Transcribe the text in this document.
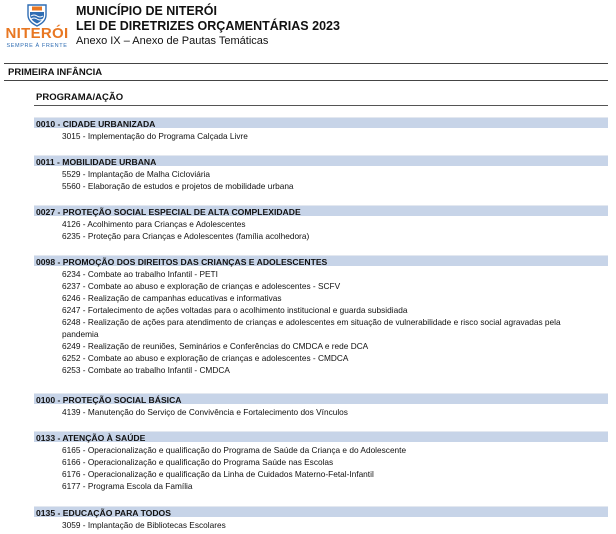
NITERÓI
SEMPRE À FRENTE
MUNICÍPIO DE NITERÓI
LEI DE DIRETRIZES ORÇAMENTÁRIAS 2023
Anexo IX – Anexo de Pautas Temáticas
PRIMEIRA INFÂNCIA
PROGRAMA/AÇÃO
0010 - CIDADE URBANIZADA
3015 - Implementação do Programa Calçada Livre
0011 - MOBILIDADE URBANA
5529 - Implantação de Malha Cicloviária
5560 - Elaboração de estudos e projetos de mobilidade urbana
0027 - PROTEÇÃO SOCIAL ESPECIAL DE ALTA COMPLEXIDADE
4126 - Acolhimento para Crianças e Adolescentes
6235 - Proteção para Crianças e Adolescentes (família acolhedora)
0098 - PROMOÇÃO DOS DIREITOS DAS CRIANÇAS E ADOLESCENTES
6234 - Combate ao trabalho Infantil - PETI
6237 - Combate ao abuso e exploração de crianças e adolescentes - SCFV
6246 - Realização de campanhas educativas e informativas
6247 - Fortalecimento de ações voltadas para o acolhimento institucional e guarda subsidiada
6248 - Realização de ações para atendimento de crianças e adolescentes em situação de vulnerabilidade e risco social agravadas pela pandemia
6249 - Realização de reuniões, Seminários e Conferências do CMDCA e rede DCA
6252 - Combate ao abuso e exploração de crianças e adolescentes - CMDCA
6253 - Combate ao trabalho Infantil - CMDCA
0100 - PROTEÇÃO SOCIAL BÁSICA
4139 - Manutenção do Serviço de Convivência e Fortalecimento dos Vínculos
0133 - ATENÇÃO À SAÚDE
6165 - Operacionalização e qualificação do Programa de Saúde da Criança e do Adolescente
6166 - Operacionalização e qualificação do Programa Saúde nas Escolas
6176 - Operacionalização e qualificação da Linha de Cuidados Materno-Fetal-Infantil
6177 - Programa Escola da Família
0135 - EDUCAÇÃO PARA TODOS
3059 - Implantação de Bibliotecas Escolares
